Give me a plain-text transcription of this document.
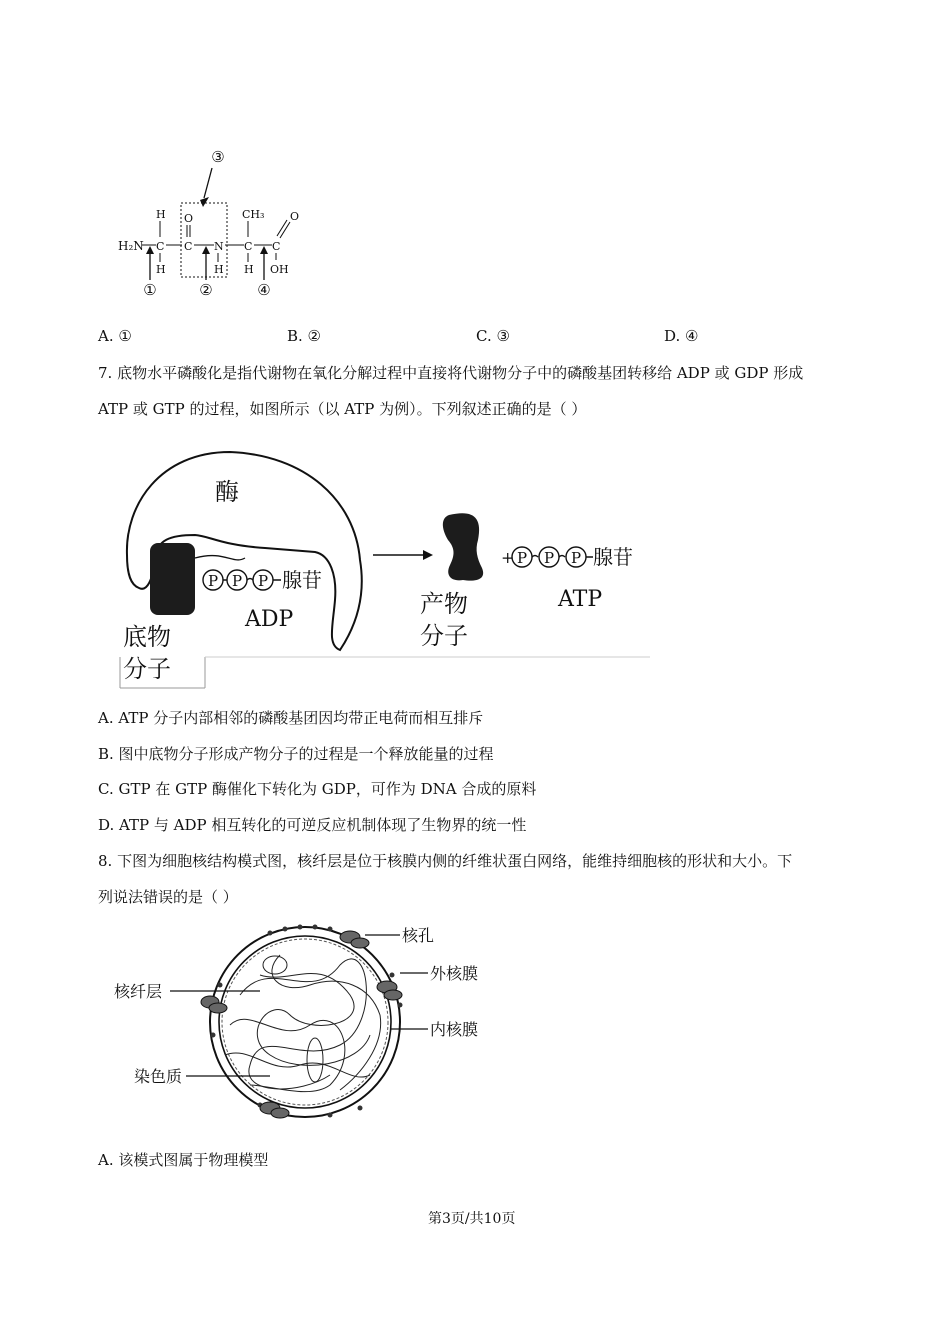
③
H₂N
H
C
H
O
C N
H
CH₃
C
H
C
O
OH
①	②	④
A. ①	B. ②	C. ③	D. ④
7. 底物水平磷酸化是指代谢物在氧化分解过程中直接将代谢物分子中的磷酸基团转移给 ADP 或 GDP 形成
ATP 或 GTP 的过程，如图所示（以 ATP 为例）。下列叙述正确的是（ ）
酶
P P P 腺苷
ADP
底物
分子
产物
分子
+ P P P 腺苷
ATP
A. ATP 分子内部相邻的磷酸基团因均带正电荷而相互排斥
B. 图中底物分子形成产物分子的过程是一个释放能量的过程
C. GTP 在 GTP 酶催化下转化为 GDP，可作为 DNA 合成的原料
D. ATP 与 ADP 相互转化的可逆反应机制体现了生物界的统一性
8. 下图为细胞核结构模式图，核纤层是位于核膜内侧的纤维状蛋白网络，能维持细胞核的形状和大小。下
列说法错误的是（ ）
核孔
外核膜
核纤层
内核膜
染色质
A. 该模式图属于物理模型
第3页/共10页
